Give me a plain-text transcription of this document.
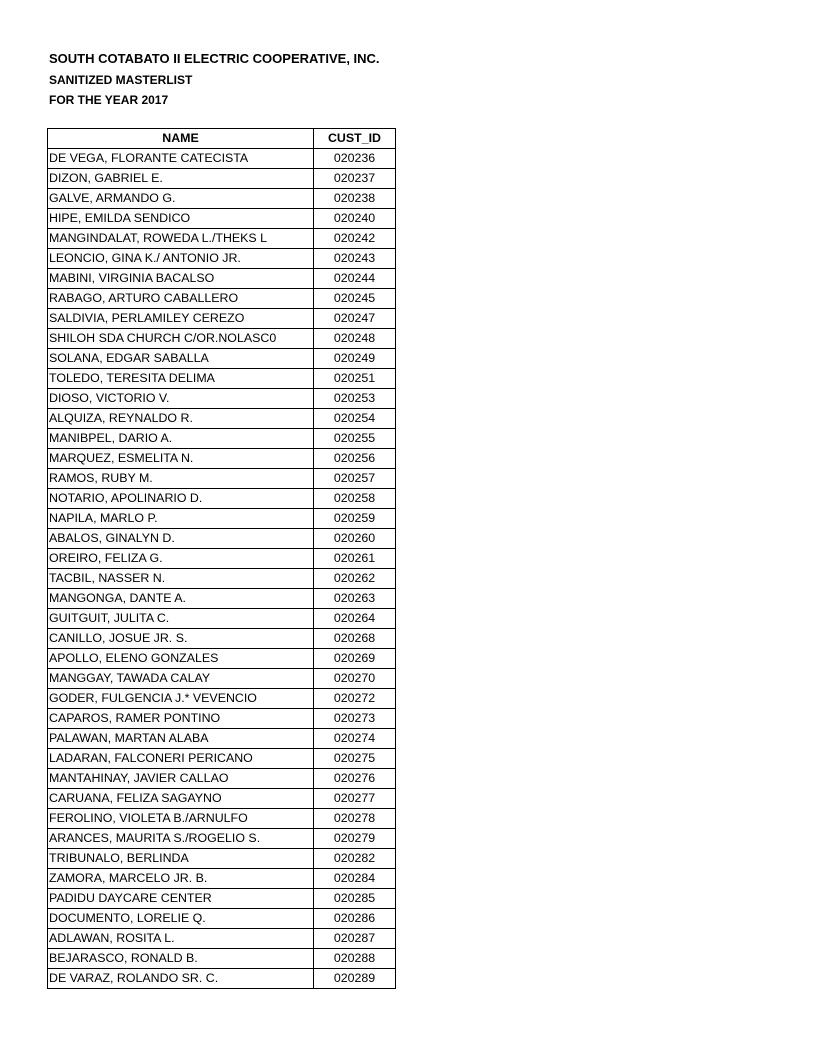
SOUTH COTABATO II ELECTRIC COOPERATIVE, INC.
SANITIZED MASTERLIST
FOR THE YEAR 2017
NAME	CUST_ID
DE VEGA, FLORANTE CATECISTA	020236
DIZON, GABRIEL E.	020237
GALVE, ARMANDO G.	020238
HIPE, EMILDA SENDICO	020240
MANGINDALAT, ROWEDA L./THEKS L	020242
LEONCIO, GINA K./ ANTONIO JR.	020243
MABINI, VIRGINIA BACALSO	020244
RABAGO, ARTURO CABALLERO	020245
SALDIVIA, PERLAMILEY CEREZO	020247
SHILOH SDA CHURCH C/OR.NOLASC0	020248
SOLANA, EDGAR SABALLA	020249
TOLEDO, TERESITA DELIMA	020251
DIOSO, VICTORIO V.	020253
ALQUIZA, REYNALDO R.	020254
MANIBPEL, DARIO A.	020255
MARQUEZ, ESMELITA N.	020256
RAMOS, RUBY M.	020257
NOTARIO, APOLINARIO D.	020258
NAPILA, MARLO P.	020259
ABALOS, GINALYN D.	020260
OREIRO, FELIZA G.	020261
TACBIL, NASSER N.	020262
MANGONGA, DANTE A.	020263
GUITGUIT, JULITA C.	020264
CANILLO, JOSUE JR. S.	020268
APOLLO, ELENO GONZALES	020269
MANGGAY, TAWADA CALAY	020270
GODER, FULGENCIA J.* VEVENCIO	020272
CAPAROS, RAMER PONTINO	020273
PALAWAN, MARTAN ALABA	020274
LADARAN, FALCONERI PERICANO	020275
MANTAHINAY, JAVIER CALLAO	020276
CARUANA, FELIZA SAGAYNO	020277
FEROLINO, VIOLETA B./ARNULFO	020278
ARANCES, MAURITA S./ROGELIO S.	020279
TRIBUNALO, BERLINDA	020282
ZAMORA, MARCELO JR. B.	020284
PADIDU DAYCARE CENTER	020285
DOCUMENTO, LORELIE Q.	020286
ADLAWAN, ROSITA L.	020287
BEJARASCO, RONALD B.	020288
DE VARAZ, ROLANDO SR. C.	020289
